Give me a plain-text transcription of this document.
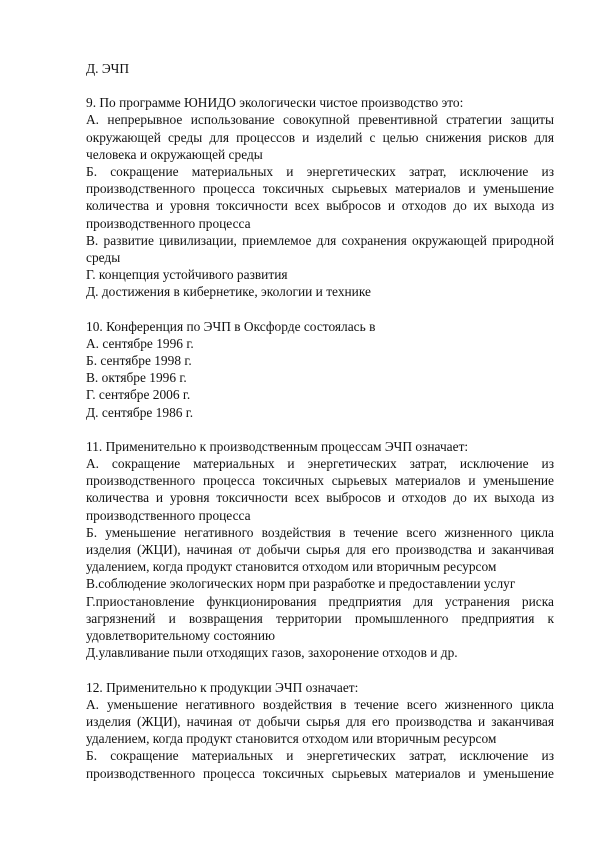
Д. ЭЧП
9. По программе ЮНИДО экологически чистое производство это:
А. непрерывное использование совокупной превентивной стратегии защиты
окружающей среды для процессов и изделий с целью снижения рисков для
человека и окружающей среды
Б. сокращение материальных и энергетических затрат, исключение из
производственного процесса токсичных сырьевых материалов и уменьшение
количества и уровня токсичности всех выбросов и отходов до их выхода из
производственного процесса
В. развитие цивилизации, приемлемое для сохранения окружающей природной
среды
Г. концепция устойчивого развития
Д. достижения в кибернетике, экологии и технике
10. Конференция по ЭЧП в Оксфорде состоялась в
А. сентябре 1996 г.
Б. сентябре 1998 г.
В. октябре 1996 г.
Г. сентябре 2006 г.
Д. сентябре 1986 г.
11. Применительно к производственным процессам ЭЧП означает:
А. сокращение материальных и энергетических затрат, исключение из
производственного процесса токсичных сырьевых материалов и уменьшение
количества и уровня токсичности всех выбросов и отходов до их выхода из
производственного процесса
Б. уменьшение негативного воздействия в течение всего жизненного цикла
изделия (ЖЦИ), начиная от добычи сырья для его производства и заканчивая
удалением, когда продукт становится отходом или вторичным ресурсом
В.соблюдение экологических норм при разработке и предоставлении услуг
Г.приостановление функционирования предприятия для устранения риска
загрязнений и возвращения территории промышленного предприятия к
удовлетворительному состоянию
Д.улавливание пыли отходящих газов, захоронение отходов и др.
12. Применительно к продукции ЭЧП означает:
А. уменьшение негативного воздействия в течение всего жизненного цикла
изделия (ЖЦИ), начиная от добычи сырья для его производства и заканчивая
удалением, когда продукт становится отходом или вторичным ресурсом
Б. сокращение материальных и энергетических затрат, исключение из
производственного процесса токсичных сырьевых материалов и уменьшение
